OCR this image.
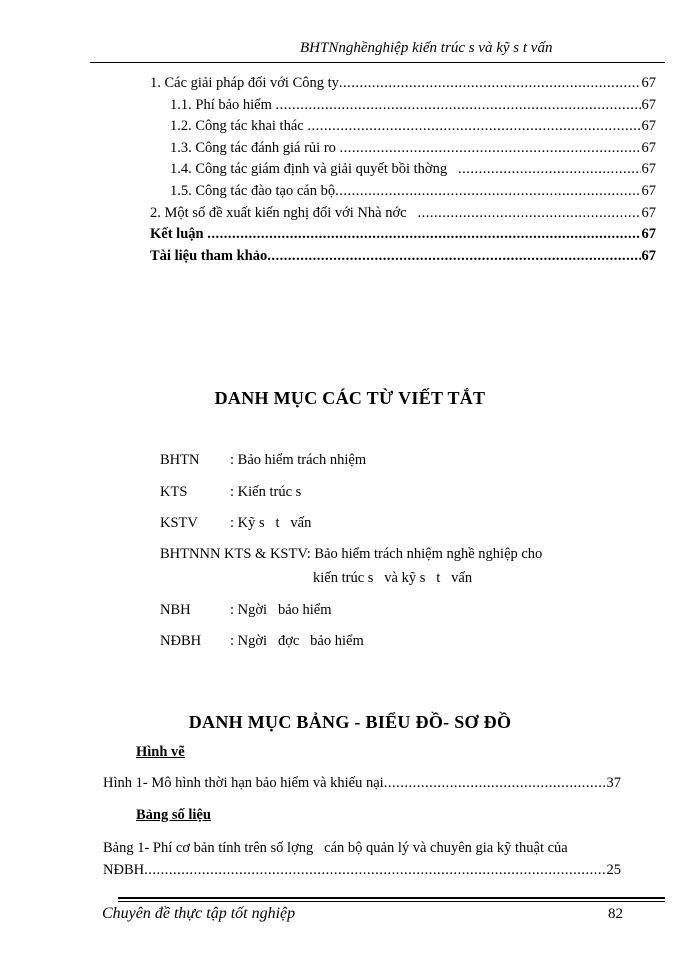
BHTNnghềnghiệp kiến trúc s và kỹ s t vấn
1. Các giải pháp đối với Công ty .....	67
1.1. Phí bảo hiểm .....	67
1.2. Công tác khai thác .....	67
1.3. Công tác đánh giá rủi ro .....	67
1.4. Công tác giám định và giải quyết bồi thờng .....	67
1.5. Công tác đào tạo cán bộ .....	67
2. Một số đề xuất kiến nghị đối với Nhà nớc .....	67
Kết luận .....	67
Tài liệu tham khảo .....	67
DANH MỤC CÁC TỪ VIẾT TẮT
BHTN : Bảo hiểm trách nhiệm
KTS	: Kiến trúc s
KSTV : Kỹ s   t   vấn
BHTNNN KTS & KSTV: Bảo hiểm trách nhiệm nghề nghiệp cho
kiến trúc s   và kỹ s   t   vấn
NBH	: Ngời   bảo hiểm
NĐBH : Ngời   đợc   bảo hiểm
DANH MỤC BẢNG - BIỂU ĐỒ- SƠ ĐỒ
Hình vẽ
Hình 1- Mô hình thời hạn bảo hiểm và khiếu nại .....	37
Bảng số liệu
Bảng 1- Phí cơ bản tính trên số lợng   cán bộ quản lý và chuyên gia kỹ thuật của
NĐBH .....	25
Chuyên đề thực tập tốt nghiệp	82
